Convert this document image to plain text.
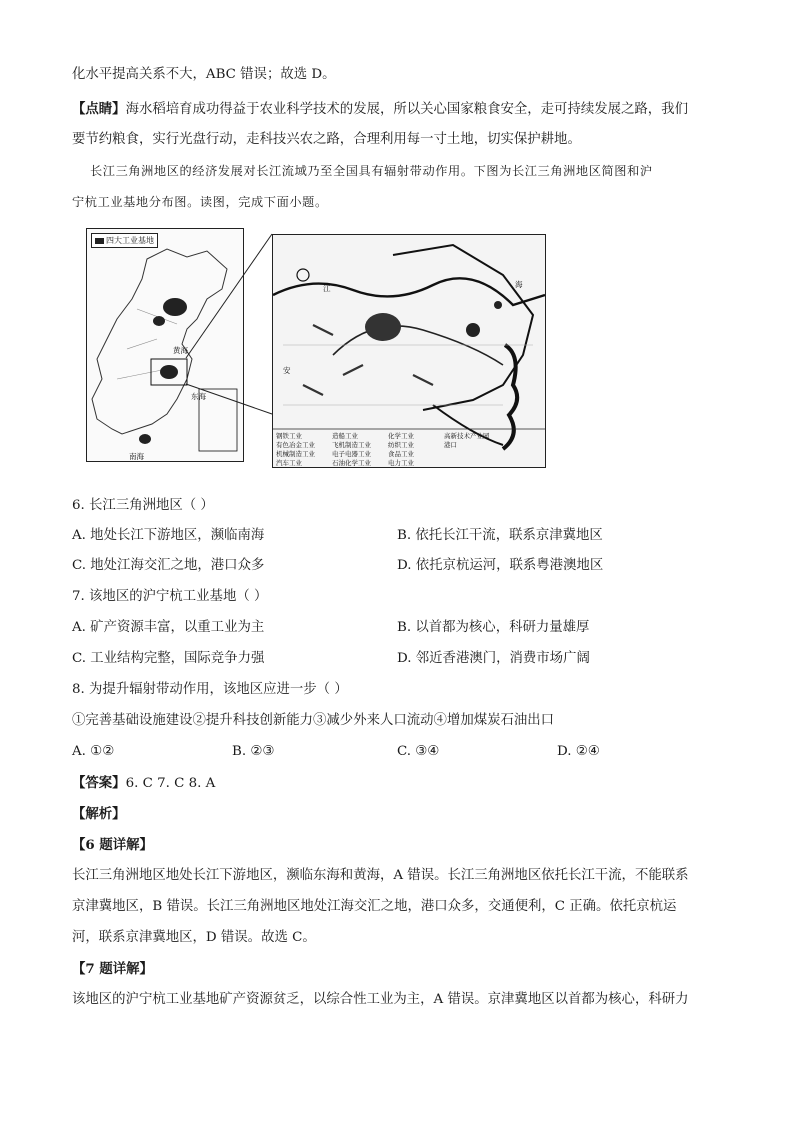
化水平提高关系不大，ABC 错误；故选 D。
【点睛】海水稻培育成功得益于农业科学技术的发展，所以关心国家粮食安全，走可持续发展之路，我们
要节约粮食，实行光盘行动，走科技兴农之路，合理利用每一寸土地，切实保护耕地。
长江三角洲地区的经济发展对长江流域乃至全国具有辐射带动作用。下图为长江三角洲地区简图和沪
宁杭工业基地分布图。读图，完成下面小题。
四大工业基地
黄海
东海
南海
海
江
安
钢铁工业	造船工业	化学工业	高新技术产业园
有色冶金工业	飞机制造工业	纺织工业	港口
机械制造工业	电子电器工业	食品工业
汽车工业	石油化学工业	电力工业
6. 长江三角洲地区（ ）
A. 地处长江下游地区，濒临南海	B. 依托长江干流，联系京津冀地区
C. 地处江海交汇之地，港口众多	D. 依托京杭运河，联系粤港澳地区
7. 该地区的沪宁杭工业基地（ ）
A. 矿产资源丰富，以重工业为主	B. 以首都为核心，科研力量雄厚
C. 工业结构完整，国际竞争力强	D. 邻近香港澳门，消费市场广阔
8. 为提升辐射带动作用，该地区应进一步（ ）
①完善基础设施建设②提升科技创新能力③减少外来人口流动④增加煤炭石油出口
A. ①②	B. ②③	C. ③④	D. ②④
【答案】6. C 7. C 8. A
【解析】
【6 题详解】
长江三角洲地区地处长江下游地区，濒临东海和黄海，A 错误。长江三角洲地区依托长江干流，不能联系
京津冀地区，B 错误。长江三角洲地区地处江海交汇之地，港口众多，交通便利，C 正确。依托京杭运
河，联系京津冀地区，D 错误。故选 C。
【7 题详解】
该地区的沪宁杭工业基地矿产资源贫乏，以综合性工业为主，A 错误。京津冀地区以首都为核心，科研力
